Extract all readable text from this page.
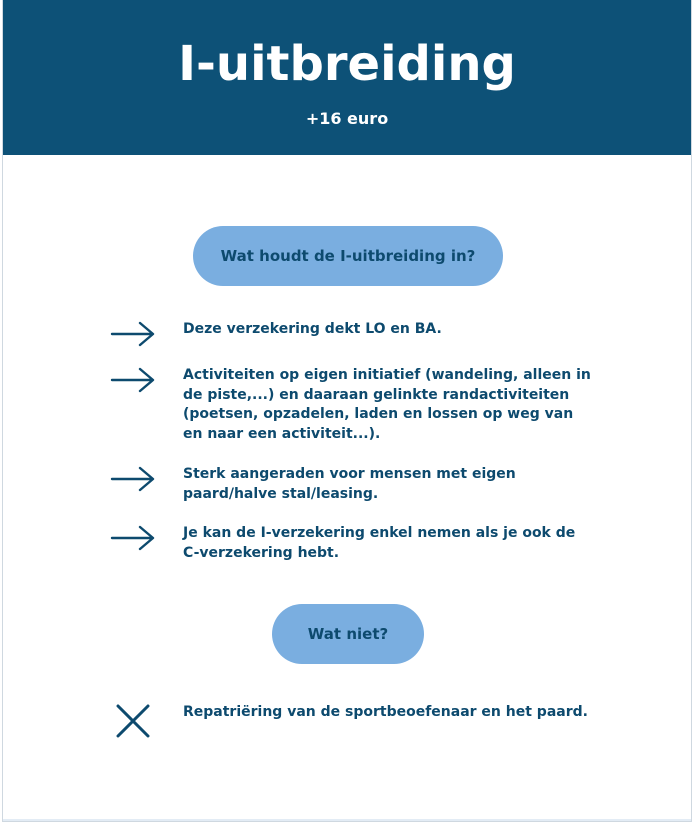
I-uitbreiding
+16 euro
Wat houdt de I-uitbreiding in?
Deze verzekering dekt LO en BA.
Activiteiten op eigen initiatief (wandeling, alleen in de piste,...) en daaraan gelinkte randactiviteiten (poetsen, opzadelen, laden en lossen op weg van en naar een activiteit...).
Sterk aangeraden voor mensen met eigen paard/halve stal/leasing.
Je kan de I-verzekering enkel nemen als je ook de C-verzekering hebt.
Wat niet?
Repatriëring van de sportbeoefenaar en het paard.
